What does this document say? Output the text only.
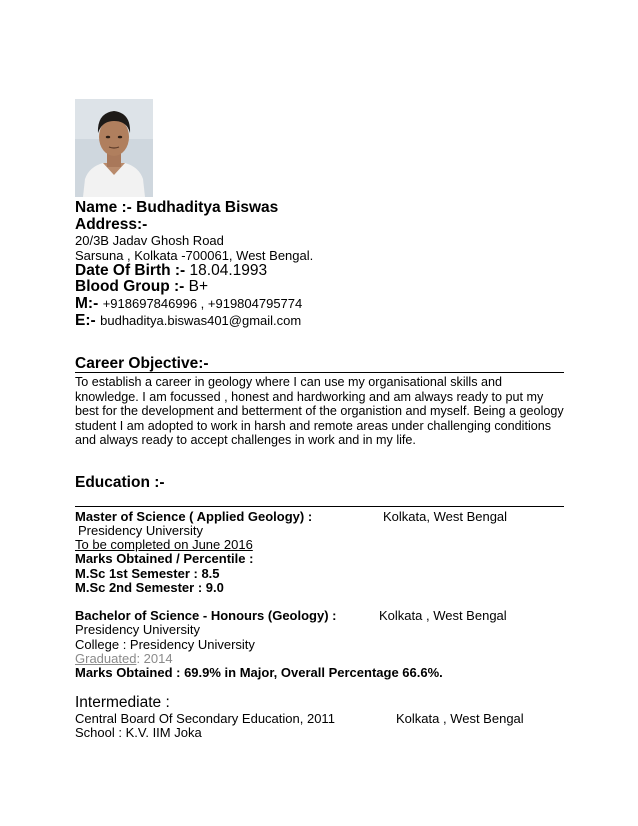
Name :- Budhaditya Biswas
Address:-
20/3B Jadav Ghosh Road
Sarsuna , Kolkata -700061, West Bengal.
Date Of Birth :- 18.04.1993
Blood Group :- B+
M:- +918697846996 , +919804795774
E:- budhaditya.biswas401@gmail.com
Career Objective:-
To establish a career in geology where I can use my organisational skills and knowledge. I am focussed , honest and hardworking and am always ready to put my best for the development and betterment of the organistion and myself. Being a geology student I am adopted to work in harsh and remote areas under challenging conditions and always ready to accept challenges in work and in my life.
Education :-
Master of Science ( Applied Geology) :	Kolkata, West Bengal
Presidency University
To be completed on June 2016
Marks Obtained / Percentile :
M.Sc 1st Semester : 8.5
M.Sc 2nd Semester : 9.0
Bachelor of Science - Honours (Geology) :	Kolkata , West Bengal
Presidency University
College : Presidency University
Graduated: 2014
Marks Obtained : 69.9% in Major, Overall Percentage 66.6%.
Intermediate :
Central Board Of Secondary Education, 2011	Kolkata , West Bengal
School : K.V. IIM Joka
